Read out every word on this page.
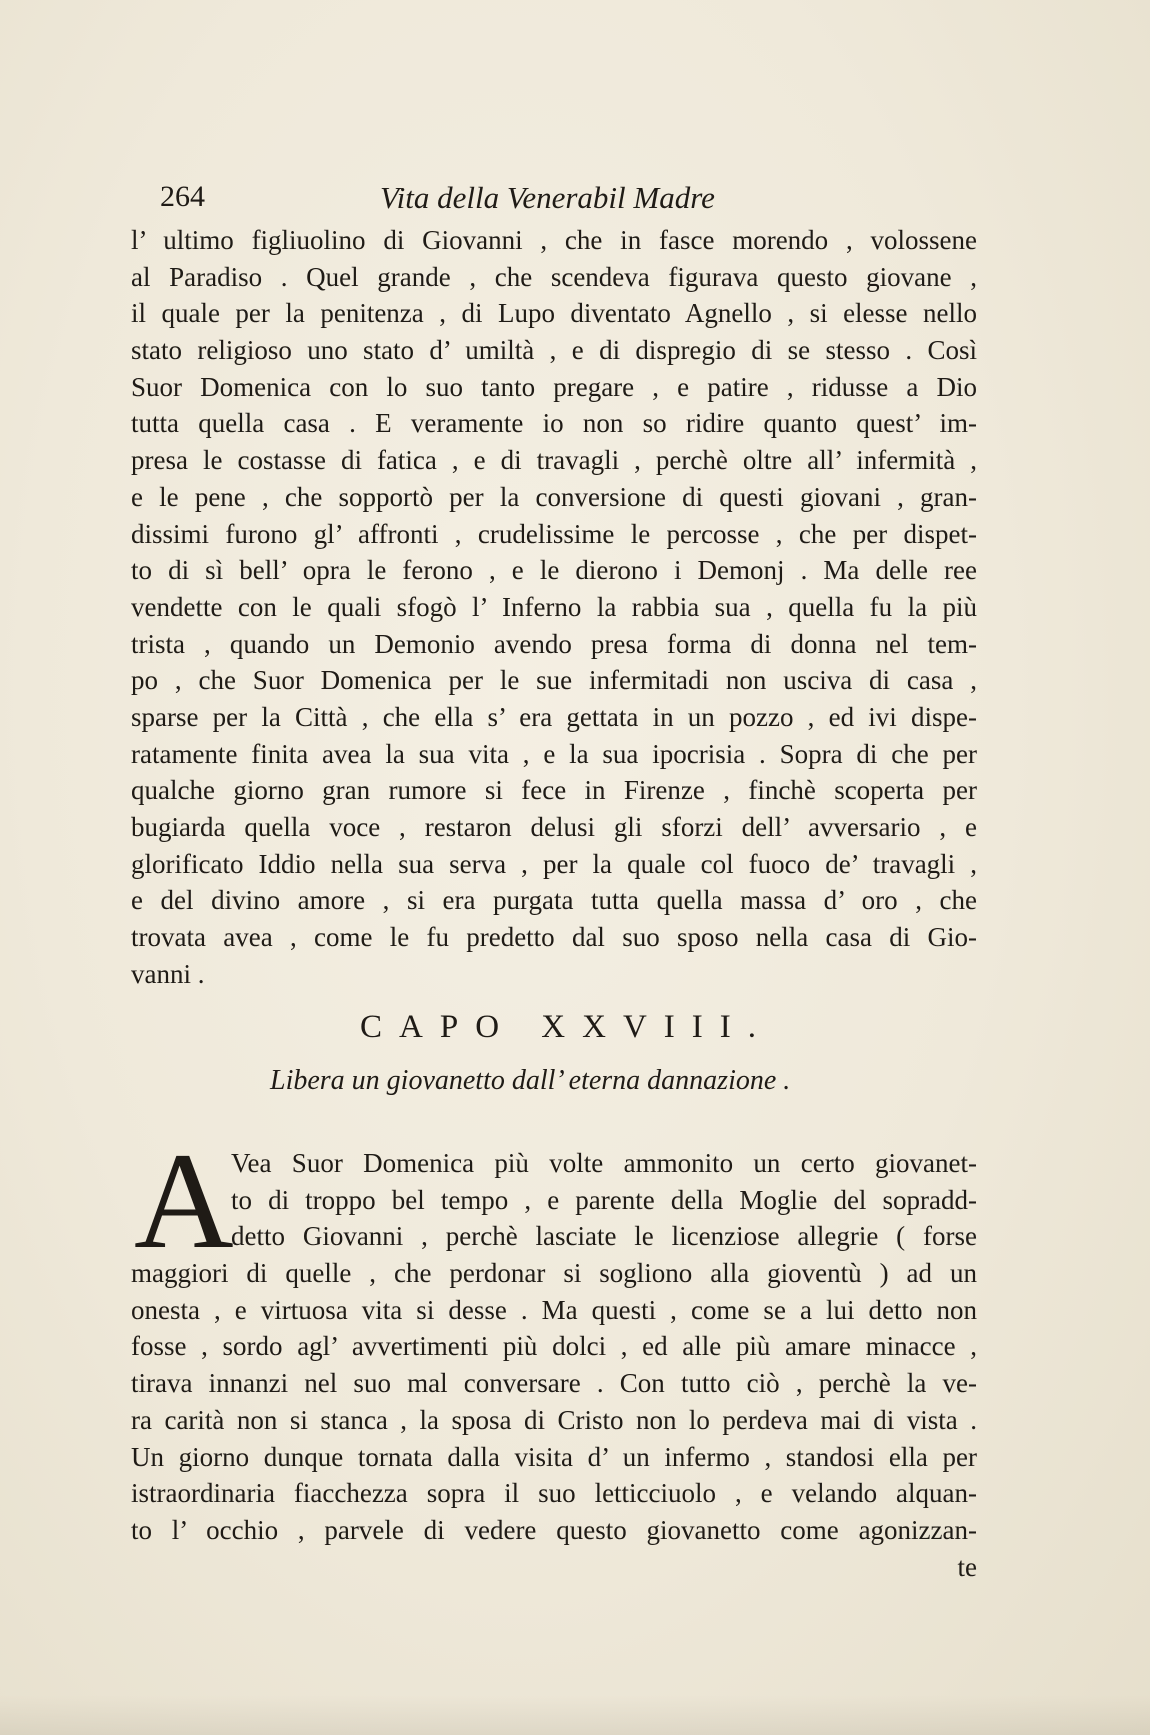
264	Vita della Venerabil Madre
l’ ultimo figliuolino di Giovanni , che in fasce morendo , volossene
al Paradiso . Quel grande , che scendeva figurava questo giovane ,
il quale per la penitenza , di Lupo diventato Agnello , si elesse nello
stato religioso uno stato d’ umiltà , e di dispregio di se stesso . Così
Suor Domenica con lo suo tanto pregare , e patire , ridusse a Dio
tutta quella casa . E veramente io non so ridire quanto quest’ im-
presa le costasse di fatica , e di travagli , perchè oltre all’ infermità ,
e le pene , che sopportò per la conversione di questi giovani , gran-
dissimi furono gl’ affronti , crudelissime le percosse , che per dispet-
to di sì bell’ opra le ferono , e le dierono i Demonj . Ma delle ree
vendette con le quali sfogò l’ Inferno la rabbia sua , quella fu la più
trista , quando un Demonio avendo presa forma di donna nel tem-
po , che Suor Domenica per le sue infermitadi non usciva di casa ,
sparse per la Città , che ella s’ era gettata in un pozzo , ed ivi dispe-
ratamente finita avea la sua vita , e la sua ipocrisia . Sopra di che per
qualche giorno gran rumore si fece in Firenze , finchè scoperta per
bugiarda quella voce , restaron delusi gli sforzi dell’ avversario , e
glorificato Iddio nella sua serva , per la quale col fuoco de’ travagli ,
e del divino amore , si era purgata tutta quella massa d’ oro , che
trovata avea , come le fu predetto dal suo sposo nella casa di Gio-
vanni .
CAPO XXVIII.
Libera un giovanetto dall’ eterna dannazione .
A
Vea Suor Domenica più volte ammonito un certo giovanet-
to di troppo bel tempo , e parente della Moglie del sopradd-
detto Giovanni , perchè lasciate le licenziose allegrie ( forse
maggiori di quelle , che perdonar si sogliono alla gioventù ) ad un
onesta , e virtuosa vita si desse . Ma questi , come se a lui detto non
fosse , sordo agl’ avvertimenti più dolci , ed alle più amare minacce ,
tirava innanzi nel suo mal conversare . Con tutto ciò , perchè la ve-
ra carità non si stanca , la sposa di Cristo non lo perdeva mai di vista .
Un giorno dunque tornata dalla visita d’ un infermo , standosi ella per
istraordinaria fiacchezza sopra il suo letticciuolo , e velando alquan-
to l’ occhio , parvele di vedere questo giovanetto come agonizzan-
te
